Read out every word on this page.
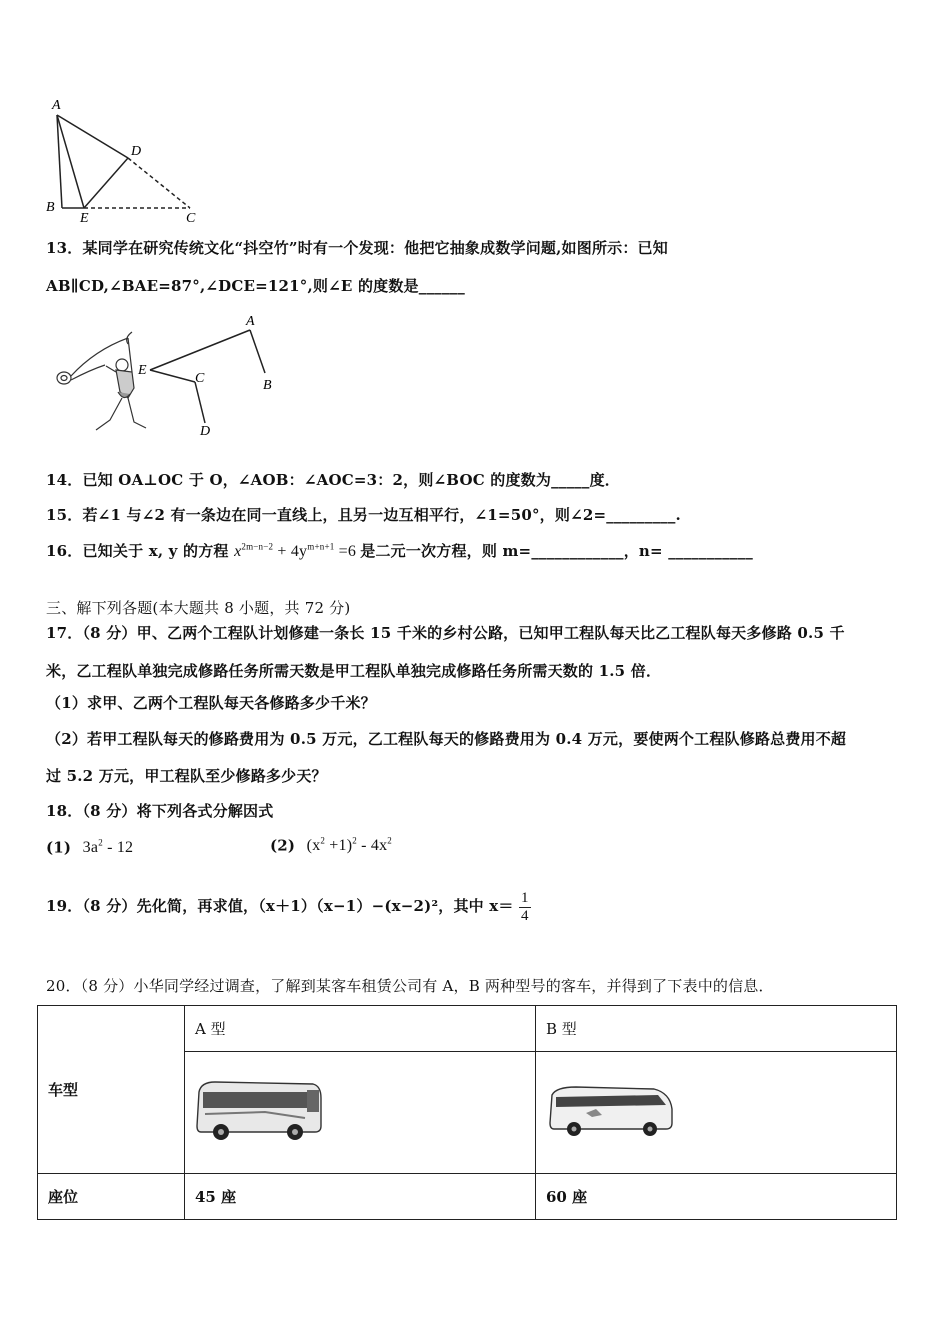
A
B
E
D
C
13．某同学在研究传统文化“抖空竹”时有一个发现：他把它抽象成数学问题,如图所示：已知
AB∥CD,∠BAE=87°,∠DCE=121°,则∠E 的度数是______
A
B
E
C
D
14．已知 OA⊥OC 于 O，∠AOB：∠AOC=3：2，则∠BOC 的度数为_____度．
15．若∠1 与∠2 有一条边在同一直线上，且另一边互相平行，∠1=50°，则∠2=_________.
16．已知关于 x, y 的方程 $x^{2m-n-2} + 4y^{m+n+1} =6$ 是二元一次方程，则 m=____________，n= ___________
三、解下列各题(本大题共 8 小题，共 72 分)
17．（8 分）甲、乙两个工程队计划修建一条长 15 千米的乡村公路，已知甲工程队每天比乙工程队每天多修路 0.5 千
米，乙工程队单独完成修路任务所需天数是甲工程队单独完成修路任务所需天数的 1.5 倍．
（1）求甲、乙两个工程队每天各修路多少千米？
（2）若甲工程队每天的修路费用为 0.5 万元，乙工程队每天的修路费用为 0.4 万元，要使两个工程队修路总费用不超
过 5.2 万元，甲工程队至少修路多少天？
18．（8 分）将下列各式分解因式
(1) $3a^2 - 12$	(2) $(x^2 +1)^2 - 4x^2$
19．（8 分）先化简，再求值，（x＋1）（x−1）−(x−2)²，其中 $x= \frac{1}{4}$
20．（8 分）小华同学经过调查，了解到某客车租赁公司有 A，B 两种型号的客车，并得到了下表中的信息．
车型	A 型	B 型

座位	45 座	60 座
